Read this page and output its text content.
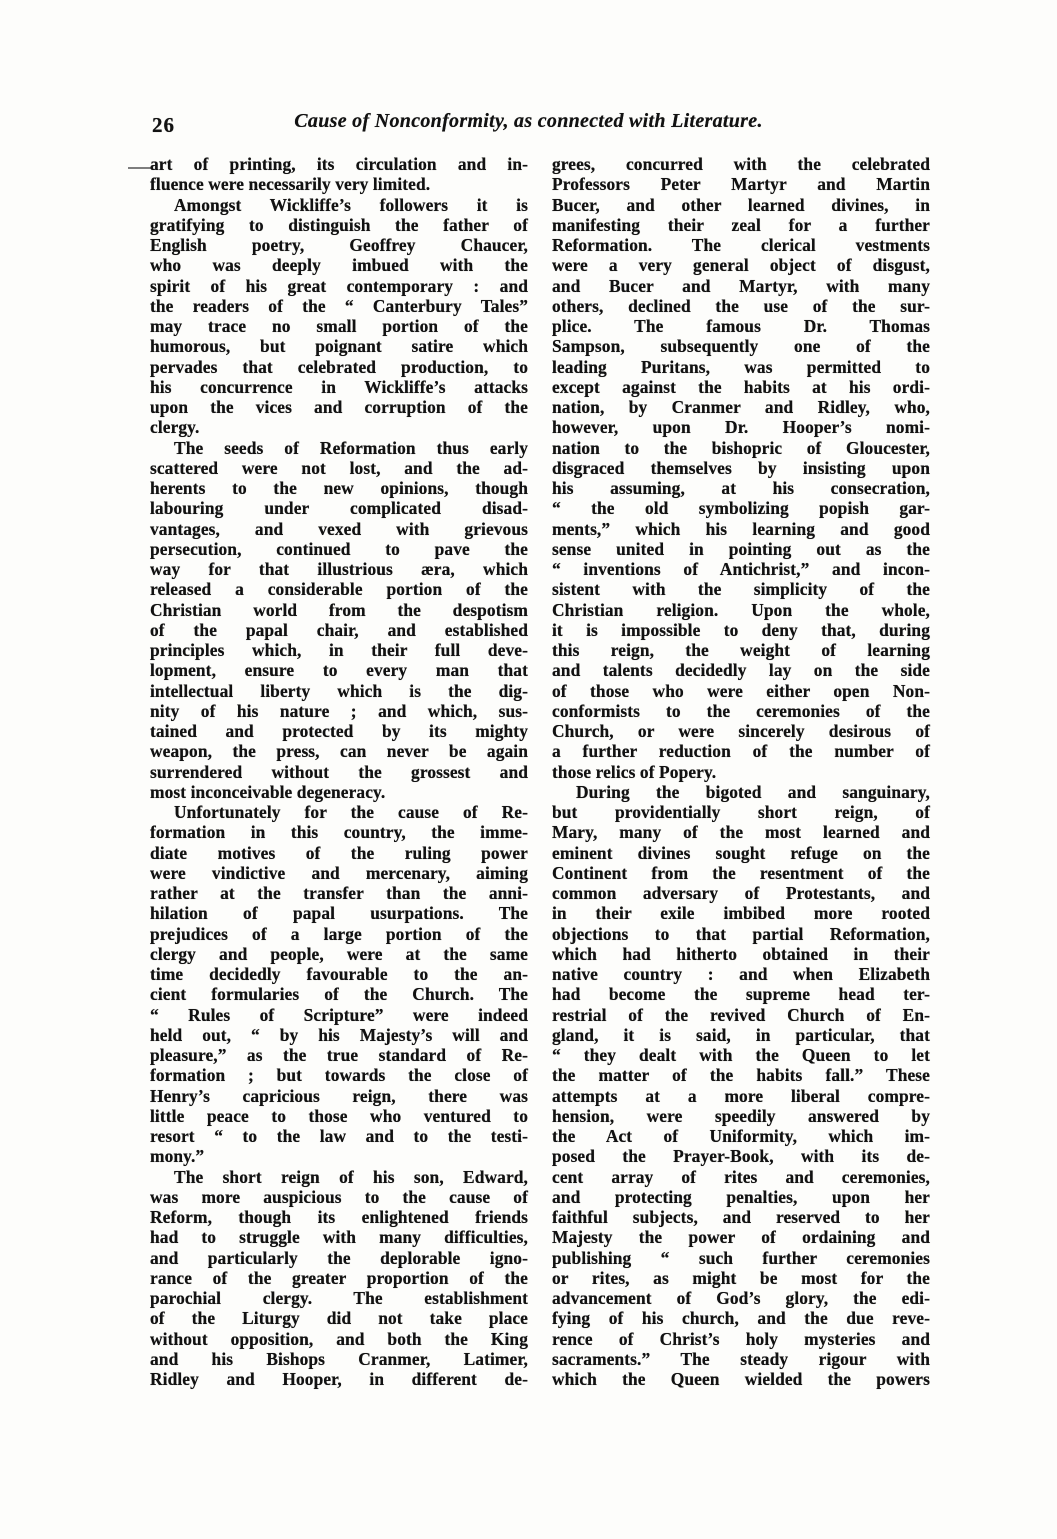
26	Cause of Nonconformity, as connected with Literature.
art of printing, its circulation and in-
fluence were necessarily very limited.
Amongst Wickliffe’s followers it is
gratifying to distinguish the father of
English poetry, Geoffrey Chaucer,
who was deeply imbued with the
spirit of his great contemporary : and
the readers of the “ Canterbury Tales”
may trace no small portion of the
humorous, but poignant satire which
pervades that celebrated production, to
his concurrence in Wickliffe’s attacks
upon the vices and corruption of the
clergy.
The seeds of Reformation thus early
scattered were not lost, and the ad-
herents to the new opinions, though
labouring under complicated disad-
vantages, and vexed with grievous
persecution, continued to pave the
way for that illustrious æra, which
released a considerable portion of the
Christian world from the despotism
of the papal chair, and established
principles which, in their full deve-
lopment, ensure to every man that
intellectual liberty which is the dig-
nity of his nature ; and which, sus-
tained and protected by its mighty
weapon, the press, can never be again
surrendered without the grossest and
most inconceivable degeneracy.
Unfortunately for the cause of Re-
formation in this country, the imme-
diate motives of the ruling power
were vindictive and mercenary, aiming
rather at the transfer than the anni-
hilation of papal usurpations. The
prejudices of a large portion of the
clergy and people, were at the same
time decidedly favourable to the an-
cient formularies of the Church. The
“ Rules of Scripture” were indeed
held out, “ by his Majesty’s will and
pleasure,” as the true standard of Re-
formation ; but towards the close of
Henry’s capricious reign, there was
little peace to those who ventured to
resort “ to the law and to the testi-
mony.”
The short reign of his son, Edward,
was more auspicious to the cause of
Reform, though its enlightened friends
had to struggle with many difficulties,
and particularly the deplorable igno-
rance of the greater proportion of the
parochial clergy. The establishment
of the Liturgy did not take place
without opposition, and both the King
and his Bishops Cranmer, Latimer,
Ridley and Hooper, in different de-
grees, concurred with the celebrated
Professors Peter Martyr and Martin
Bucer, and other learned divines, in
manifesting their zeal for a further
Reformation. The clerical vestments
were a very general object of disgust,
and Bucer and Martyr, with many
others, declined the use of the sur-
plice. The famous Dr. Thomas
Sampson, subsequently one of the
leading Puritans, was permitted to
except against the habits at his ordi-
nation, by Cranmer and Ridley, who,
however, upon Dr. Hooper’s nomi-
nation to the bishopric of Gloucester,
disgraced themselves by insisting upon
his assuming, at his consecration,
“ the old symbolizing popish gar-
ments,” which his learning and good
sense united in pointing out as the
“ inventions of Antichrist,” and incon-
sistent with the simplicity of the
Christian religion. Upon the whole,
it is impossible to deny that, during
this reign, the weight of learning
and talents decidedly lay on the side
of those who were either open Non-
conformists to the ceremonies of the
Church, or were sincerely desirous of
a further reduction of the number of
those relics of Popery.
During the bigoted and sanguinary,
but providentially short reign, of
Mary, many of the most learned and
eminent divines sought refuge on the
Continent from the resentment of the
common adversary of Protestants, and
in their exile imbibed more rooted
objections to that partial Reformation,
which had hitherto obtained in their
native country : and when Elizabeth
had become the supreme head ter-
restrial of the revived Church of En-
gland, it is said, in particular, that
“ they dealt with the Queen to let
the matter of the habits fall.” These
attempts at a more liberal compre-
hension, were speedily answered by
the Act of Uniformity, which im-
posed the Prayer-Book, with its de-
cent array of rites and ceremonies,
and protecting penalties, upon her
faithful subjects, and reserved to her
Majesty the power of ordaining and
publishing “ such further ceremonies
or rites, as might be most for the
advancement of God’s glory, the edi-
fying of his church, and the due reve-
rence of Christ’s holy mysteries and
sacraments.” The steady rigour with
which the Queen wielded the powers
